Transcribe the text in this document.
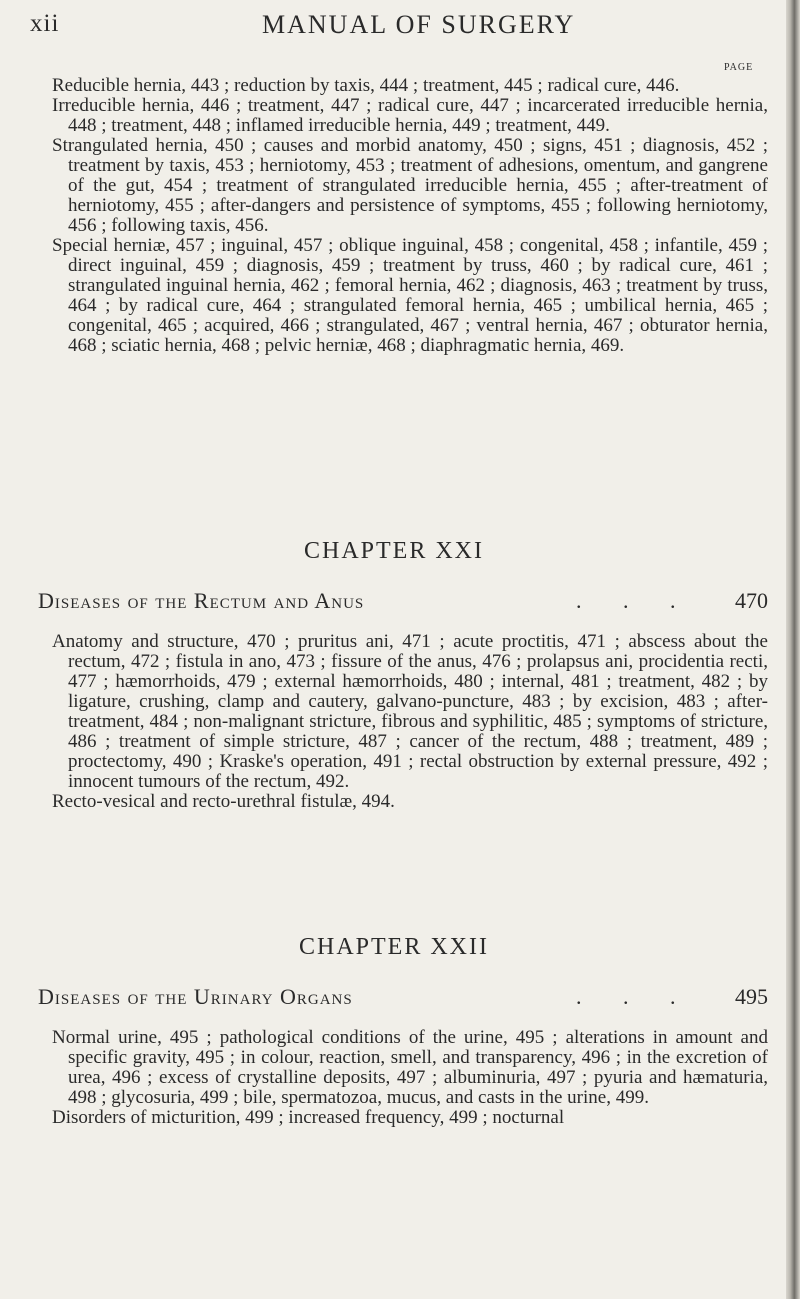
xii	MANUAL OF SURGERY
PAGE

Reducible hernia, 443 ; reduction by taxis, 444 ; treatment, 445 ; radical cure, 446.

Irreducible hernia, 446 ; treatment, 447 ; radical cure, 447 ; incarcerated irreducible hernia, 448 ; treatment, 448 ; inflamed irreducible hernia, 449 ; treatment, 449.

Strangulated hernia, 450 ; causes and morbid anatomy, 450 ; signs, 451 ; diagnosis, 452 ; treatment by taxis, 453 ; herniotomy, 453 ; treatment of adhesions, omentum, and gangrene of the gut, 454 ; treatment of strangulated irreducible hernia, 455 ; after-treatment of herniotomy, 455 ; after-dangers and persistence of symptoms, 455 ; following herniotomy, 456 ; following taxis, 456.

Special herniæ, 457 ; inguinal, 457 ; oblique inguinal, 458 ; congenital, 458 ; infantile, 459 ; direct inguinal, 459 ; diagnosis, 459 ; treatment by truss, 460 ; by radical cure, 461 ; strangulated inguinal hernia, 462 ; femoral hernia, 462 ; diagnosis, 463 ; treatment by truss, 464 ; by radical cure, 464 ; strangulated femoral hernia, 465 ; umbilical hernia, 465 ; congenital, 465 ; acquired, 466 ; strangulated, 467 ; ventral hernia, 467 ; obturator hernia, 468 ; sciatic hernia, 468 ; pelvic herniæ, 468 ; diaphragmatic hernia, 469.

CHAPTER XXI
Diseases of the Rectum and Anus	. . . 470

Anatomy and structure, 470 ; pruritus ani, 471 ; acute proctitis, 471 ; abscess about the rectum, 472 ; fistula in ano, 473 ; fissure of the anus, 476 ; prolapsus ani, procidentia recti, 477 ; hæmorrhoids, 479 ; external hæmorrhoids, 480 ; internal, 481 ; treatment, 482 ; by ligature, crushing, clamp and cautery, galvano-puncture, 483 ; by excision, 483 ; after-treatment, 484 ; non-malignant stricture, fibrous and syphilitic, 485 ; symptoms of stricture, 486 ; treatment of simple stricture, 487 ; cancer of the rectum, 488 ; treatment, 489 ; proctectomy, 490 ; Kraske's operation, 491 ; rectal obstruction by external pressure, 492 ; innocent tumours of the rectum, 492.

Recto-vesical and recto-urethral fistulæ, 494.

CHAPTER XXII
Diseases of the Urinary Organs	. . . 495

Normal urine, 495 ; pathological conditions of the urine, 495 ; alterations in amount and specific gravity, 495 ; in colour, reaction, smell, and transparency, 496 ; in the excretion of urea, 496 ; excess of crystalline deposits, 497 ; albuminuria, 497 ; pyuria and hæmaturia, 498 ; glycosuria, 499 ; bile, spermatozoa, mucus, and casts in the urine, 499.

Disorders of micturition, 499 ; increased frequency, 499 ; nocturnal
